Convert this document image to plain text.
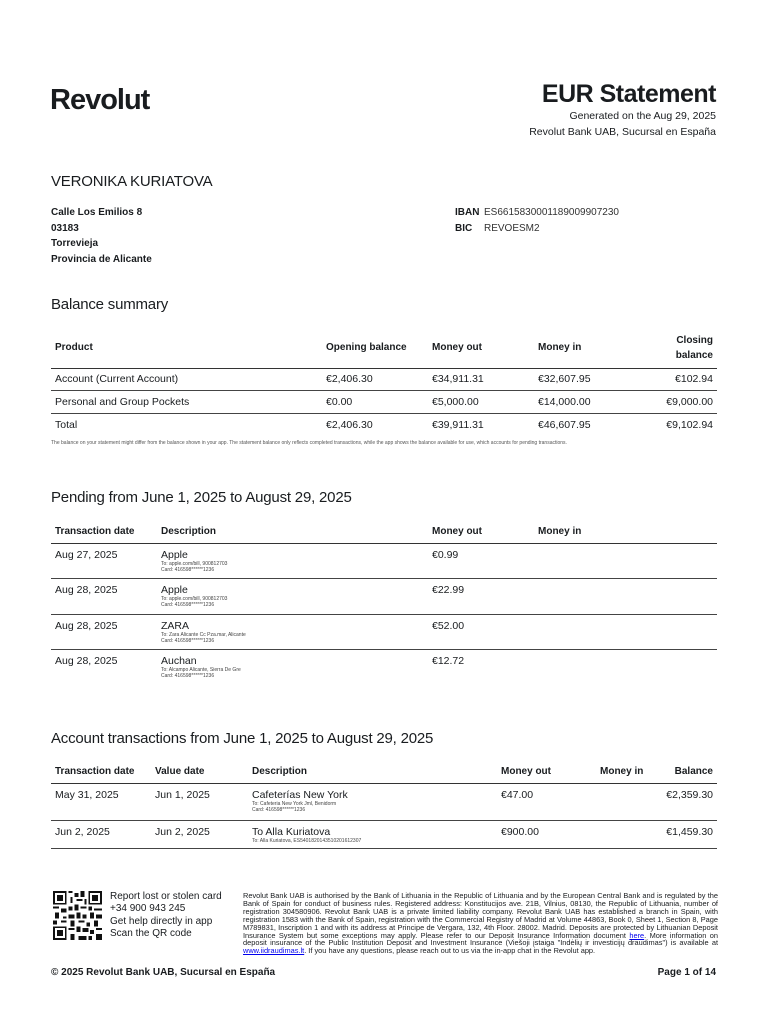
Revolut	EUR Statement
Generated on the Aug 29, 2025
Revolut Bank UAB, Sucursal en España
VERONIKA KURIATOVA
Calle Los Emilios 8
03183
Torrevieja
Provincia de Alicante
IBAN ES6615830001189009907230
BIC REVOESM2
Balance summary
Product	Opening balance	Money out	Money in	Closing balance
Account (Current Account)	€2,406.30	€34,911.31	€32,607.95	€102.94
Personal and Group Pockets	€0.00	€5,000.00	€14,000.00	€9,000.00
Total	€2,406.30	€39,911.31	€46,607.95	€9,102.94
The balance on your statement might differ from the balance shown in your app. The statement balance only reflects completed transactions, while the app shows the balance available for use, which accounts for pending transactions.
Pending from June 1, 2025 to August 29, 2025
Transaction date	Description	Money out	Money in
Aug 27, 2025	Apple
To: apple.com/bill, 900812703
Card: 416598******1236	€0.99	
Aug 28, 2025	Apple
To: apple.com/bill, 900812703
Card: 416598******1236	€22.99	
Aug 28, 2025	ZARA
To: Zara Alicante Cc Pza.mar, Alicante
Card: 416598******1236	€52.00	
Aug 28, 2025	Auchan
To: Alcampo Alicante, Sierra De Gre
Card: 416598******1236	€12.72	
Account transactions from June 1, 2025 to August 29, 2025
Transaction date	Value date	Description	Money out	Money in	Balance
May 31, 2025	Jun 1, 2025	Cafeterías New York
To: Cafeteria New York Jml, Benidorm
Card: 416598******1236	€47.00		€2,359.30
Jun 2, 2025	Jun 2, 2025	To Alla Kuriatova
To: Alla Kuriatova, ES5401820143510201612307	€900.00		€1,459.30
Report lost or stolen card
+34 900 943 245
Get help directly in app
Scan the QR code
Revolut Bank UAB is authorised by the Bank of Lithuania in the Republic of Lithuania and by the European Central Bank and is regulated by the Bank of Spain for conduct of business rules. Registered address: Konstitucijos ave. 21B, Vilnius, 08130, the Republic of Lithuania, number of registration 304580906. Revolut Bank UAB is a private limited liability company. Revolut Bank UAB has established a branch in Spain, with registration 1583 with the Bank of Spain, registration with the Commercial Registry of Madrid at Volume 44863, Book 0, Sheet 1, Section 8, Page M789831, Inscription 1 and with its address at Principe de Vergara, 132, 4th Floor. 28002. Madrid. Deposits are protected by Lithuanian Deposit Insurance System but some exceptions may apply. Please refer to our Deposit Insurance Information document here. More information on deposit insurance of the Public Institution Deposit and Investment Insurance (Viešoji įstaiga "Indėlių ir investicijų draudimas") is available at www.iidraudimas.lt. If you have any questions, please reach out to us via the in-app chat in the Revolut app.
© 2025 Revolut Bank UAB, Sucursal en España	Page 1 of 14
